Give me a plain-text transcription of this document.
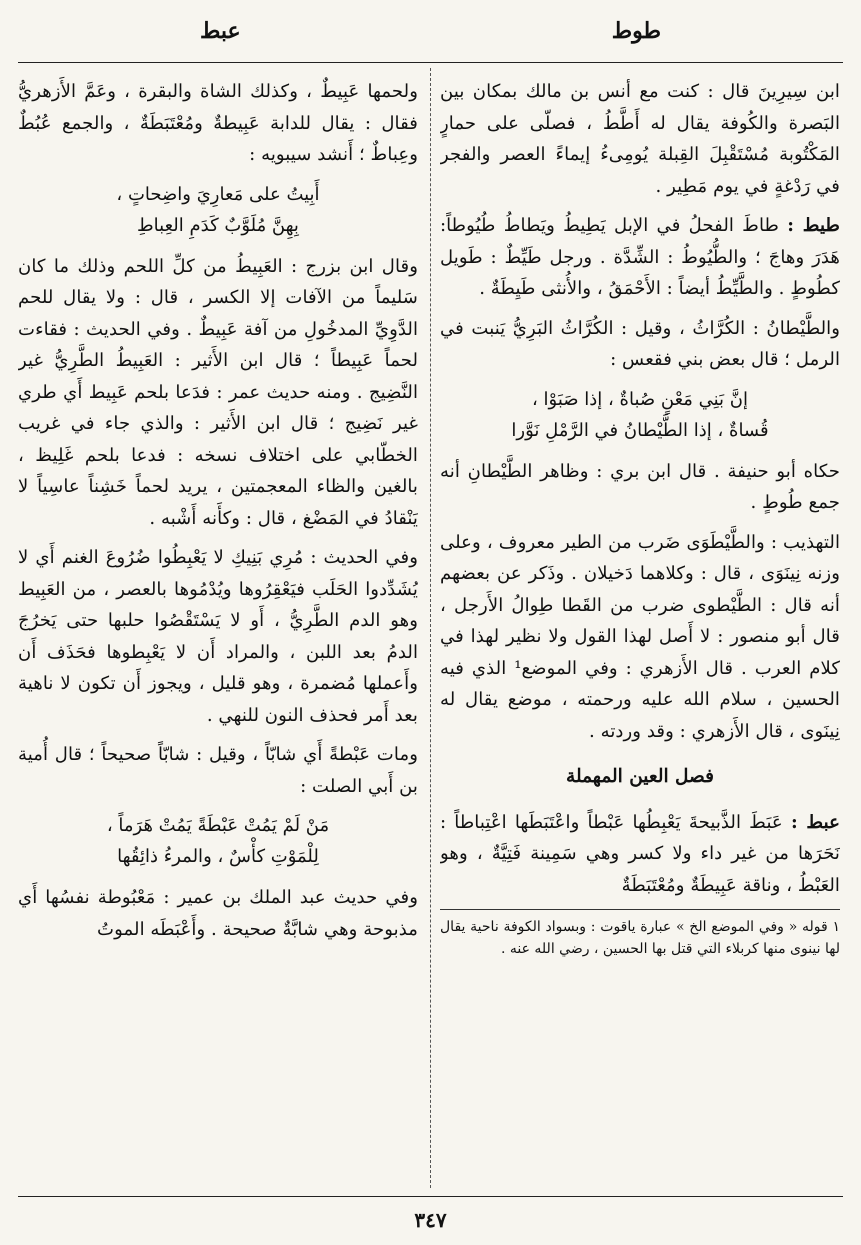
عبط	طوط

ابن سِيرِينَ قال : كنت مع أنس بن مالك بمكان بين البَصرة والكُوفة يقال له أَطَّطُ ، فصلّى على حمارٍ المَكْتُوبة مُسْتَقْبِلَ القِبلة يُومِىءُ إيماءً العصر والفجر في رَدْغةٍ في يوم مَطِير .

طيط : طاطَ الفحلُ في الإبل يَطِيطُ ويَطاطُ طُيُوطاً: هَدَرَ وهاجَ ؛ والطُّيُوطُ : الشِّدَّة . ورجل طَيِّطٌ : طَويل كطُوطٍ . والطَّيِّطُ أيضاً : الأَحْمَقُ ، والأُنثى طَيِطَةٌ .

والطَّيْطانُ : الكُرَّاثُ ، وقيل : الكُرَّاثُ البَرِيُّ يَنبت في الرمل ؛ قال بعض بني فقعس :

إنَّ بَنِي مَعْنٍ صُباةٌ ، إذا صَبَوْا ،
قُساةٌ ، إذا الطَّيْطانُ في الرَّمْلِ نَوَّرا

حكاه أبو حنيفة . قال ابن بري : وظاهر الطَّيْطانِ أنه جمع طُوطٍ .

التهذيب : والطَّيْطَوَى ضَرب من الطير معروف ، وعلى وزنه نِينَوَى ، قال : وكلاهما دَخيلان . وذَكر عن بعضهم أنه قال : الطَّيْطوى ضرب من القَطا طِوالُ الأَرجل ، قال أبو منصور : لا أَصل لهذا القول ولا نظير لهذا في كلام العرب . قال الأَزهري : وفي الموضع¹ الذي فيه الحسين ، سلام الله عليه ورحمته ، موضع يقال له نِينَوى ، قال الأَزهري : وقد وردته .

فصل العين المهملة

عبط : عَبَطَ الذَّبيحةَ يَعْبِطُها عَبْطاً واعْتَبَطَها اعْتِباطاً : نَحَرَها من غير داء ولا كسر وهي سَمِينة فَتِيَّةٌ ، وهو العَبْطُ ، وناقة عَبِيطَةٌ ومُعْتَبَطَةٌ

١ قوله « وفي الموضع الخ » عبارة ياقوت : وبسواد الكوفة ناحية يقال لها نينوى منها كربلاء التي قتل بها الحسين ، رضي الله عنه .

ولحمها عَبِيطٌ ، وكذلك الشاة والبقرة ، وعَمَّ الأَزهريُّ فقال : يقال للدابة عَبِيطةٌ ومُعْتَبَطَةٌ ، والجمع عُبُطٌ وعِباطٌ ؛ أَنشد سيبويه :

أَبِيتُ على مَعارِيَ واضِحاتٍ ،
بِهِنَّ مُلَوَّبٌ كَدَمِ العِباطِ

وقال ابن بزرج : العَبِيطُ من كلِّ اللحم وذلك ما كان سَليماً من الآفات إلا الكسر ، قال : ولا يقال للحم الدَّوِيِّ المدخُولِ من آفة عَبِيطٌ . وفي الحديث : فقاءت لحماً عَبِيطاً ؛ قال ابن الأَثير : العَبِيطُ الطَّرِيُّ غير النَّضِيج . ومنه حديث عمر : فدَعا بلحم عَبِيط أَي طري غير نَضِيج ؛ قال ابن الأَثير : والذي جاء في غريب الخطّابي على اختلاف نسخه : فدعا بلحم غَلِيظ ، بالغين والظاء المعجمتين ، يريد لحماً خَشِناً عاسِياً لا يَنْقادُ في المَضْغ ، قال : وكأَنه أَشْبه .

وفي الحديث : مُرِي بَنِيكِ لا يَعْبِطُوا ضُرُوعَ الغنم أَي لا يُشَدِّدوا الحَلَب فيَعْقِرُوها ويُدْمُوها بالعصر ، من العَبِيط وهو الدم الطَّرِيُّ ، أَو لا يَسْتَقْصُوا حلبها حتى يَخرُجَ الدمُ بعد اللبن ، والمراد أَن لا يَعْبِطوها فحَذَف أَن وأَعملها مُضمرة ، وهو قليل ، ويجوز أَن تكون لا ناهية بعد أَمر فحذف النون للنهي .

ومات عَبْطةً أَي شابّاً ، وقيل : شابّاً صحيحاً ؛ قال أُمية بن أَبي الصلت :

مَنْ لَمْ يَمُتْ عَبْطَةً يَمُتْ هَرَماً ،
لِلْمَوْتِ كأْسٌ ، والمرءُ ذائِقُها

وفي حديث عبد الملك بن عمير : مَعْبُوطة نفسُها أَي مذبوحة وهي شابَّةٌ صحيحة . وأَعْبَطَه الموتُ

٣٤٧
